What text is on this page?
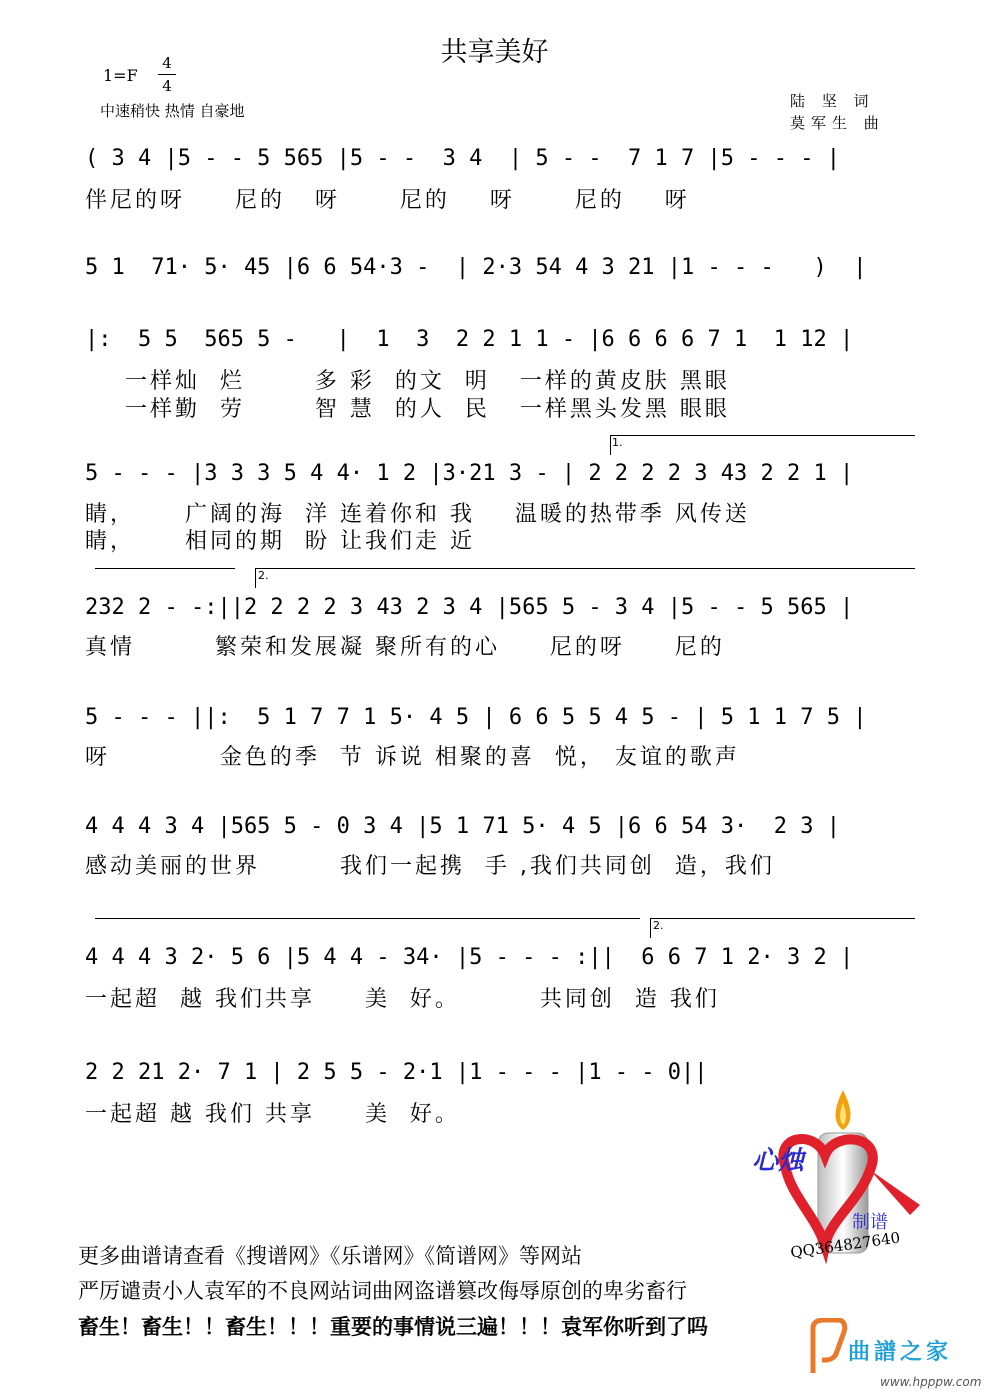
共享美好
$1=F \frac{4}{4}$
中速稍快 热情 自豪地
陆 坚 词
莫军生 曲
( 3 4 |5 - - 5 565 |5 - -  3 4  | 5 - -  7 1 7 |5 - - - |
伴尼的呀     尼的   呀      尼的    呀      尼的    呀
5 1  71· 5· 45 |6 6 54·3 -  | 2·3 54 4 3 21 |1 - - -   )  |
|:  5 5  565 5 -   |  1  3  2 2 1 1 - |6 6 6 6 7 1  1 12 |
一样灿  烂       多 彩  的文  明   一样的黄皮肤 黑眼
一样勤  劳       智 慧  的人  民   一样黑头发黑 眼眼
1.
5 - - - |3 3 3 5 4 4· 1 2 |3·21 3 - | 2 2 2 2 3 43 2 2 1 |
睛，     广阔的海  洋 连着你和 我    温暖的热带季 风传送
睛，     相同的期  盼 让我们走 近
2.
232 2 - -:||2 2 2 2 3 43 2 3 4 |565 5 - 3 4 |5 - - 5 565 |
真情        繁荣和发展凝 聚所有的心     尼的呀     尼的
5 - - - ||:  5 1 7 7 1 5· 4 5 | 6 6 5 5 4 5 - | 5 1 1 7 5 |
呀           金色的季  节 诉说 相聚的喜  悦， 友谊的歌声
4 4 4 3 4 |565 5 - 0 3 4 |5 1 71 5· 4 5 |6 6 54 3·  2 3 |
感动美丽的世界        我们一起携  手 ,我们共同创  造，我们
2.
4 4 4 3 2· 5 6 |5 4 4 - 34· |5 - - - :||  6 6 7 1 2· 3 2 |
一起超  越 我们共享     美  好。        共同创  造 我们
2 2 21 2· 7 1 | 2 5 5 - 2·1 |1 - - - |1 - - 0||
一起超 越 我们 共享     美  好。
心烛
制谱
QQ364827640
更多曲谱请查看《搜谱网》《乐谱网》《简谱网》等网站
严厉谴责小人袁军的不良网站词曲网盗谱篡改侮辱原创的卑劣畜行
畜生！畜生！！畜生！！！重要的事情说三遍！！！袁军你听到了吗
曲譜之家
www.hpppw.com
